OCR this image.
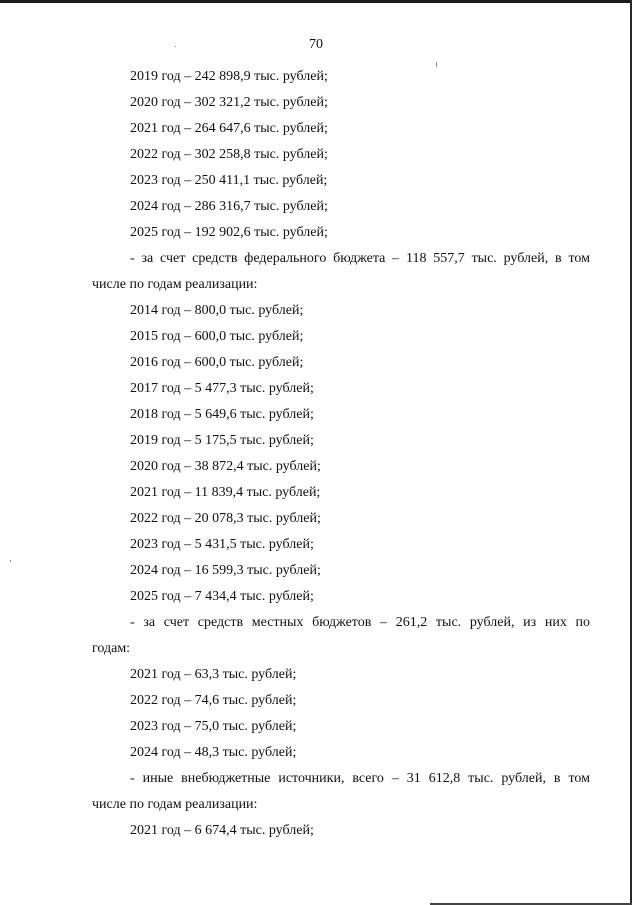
70

2019 год – 242 898,9 тыс. рублей;

2020 год – 302 321,2 тыс. рублей;

2021 год – 264 647,6 тыс. рублей;

2022 год – 302 258,8 тыс. рублей;

2023 год – 250 411,1 тыс. рублей;

2024 год – 286 316,7 тыс. рублей;

2025 год – 192 902,6 тыс. рублей;

- за счет средств федерального бюджета – 118 557,7 тыс. рублей, в том
числе по годам реализации:

2014 год – 800,0 тыс. рублей;

2015 год – 600,0 тыс. рублей;

2016 год – 600,0 тыс. рублей;

2017 год – 5 477,3 тыс. рублей;

2018 год – 5 649,6 тыс. рублей;

2019 год – 5 175,5 тыс. рублей;

2020 год – 38 872,4 тыс. рублей;

2021 год – 11 839,4 тыс. рублей;

2022 год – 20 078,3 тыс. рублей;

2023 год – 5 431,5 тыс. рублей;

2024 год – 16 599,3 тыс. рублей;

2025 год – 7 434,4 тыс. рублей;

- за счет средств местных бюджетов – 261,2 тыс. рублей, из них по
годам:

2021 год – 63,3 тыс. рублей;

2022 год – 74,6 тыс. рублей;

2023 год – 75,0 тыс. рублей;

2024 год – 48,3 тыс. рублей;

- иные внебюджетные источники, всего – 31 612,8 тыс. рублей, в том
числе по годам реализации:

2021 год – 6 674,4 тыс. рублей;
